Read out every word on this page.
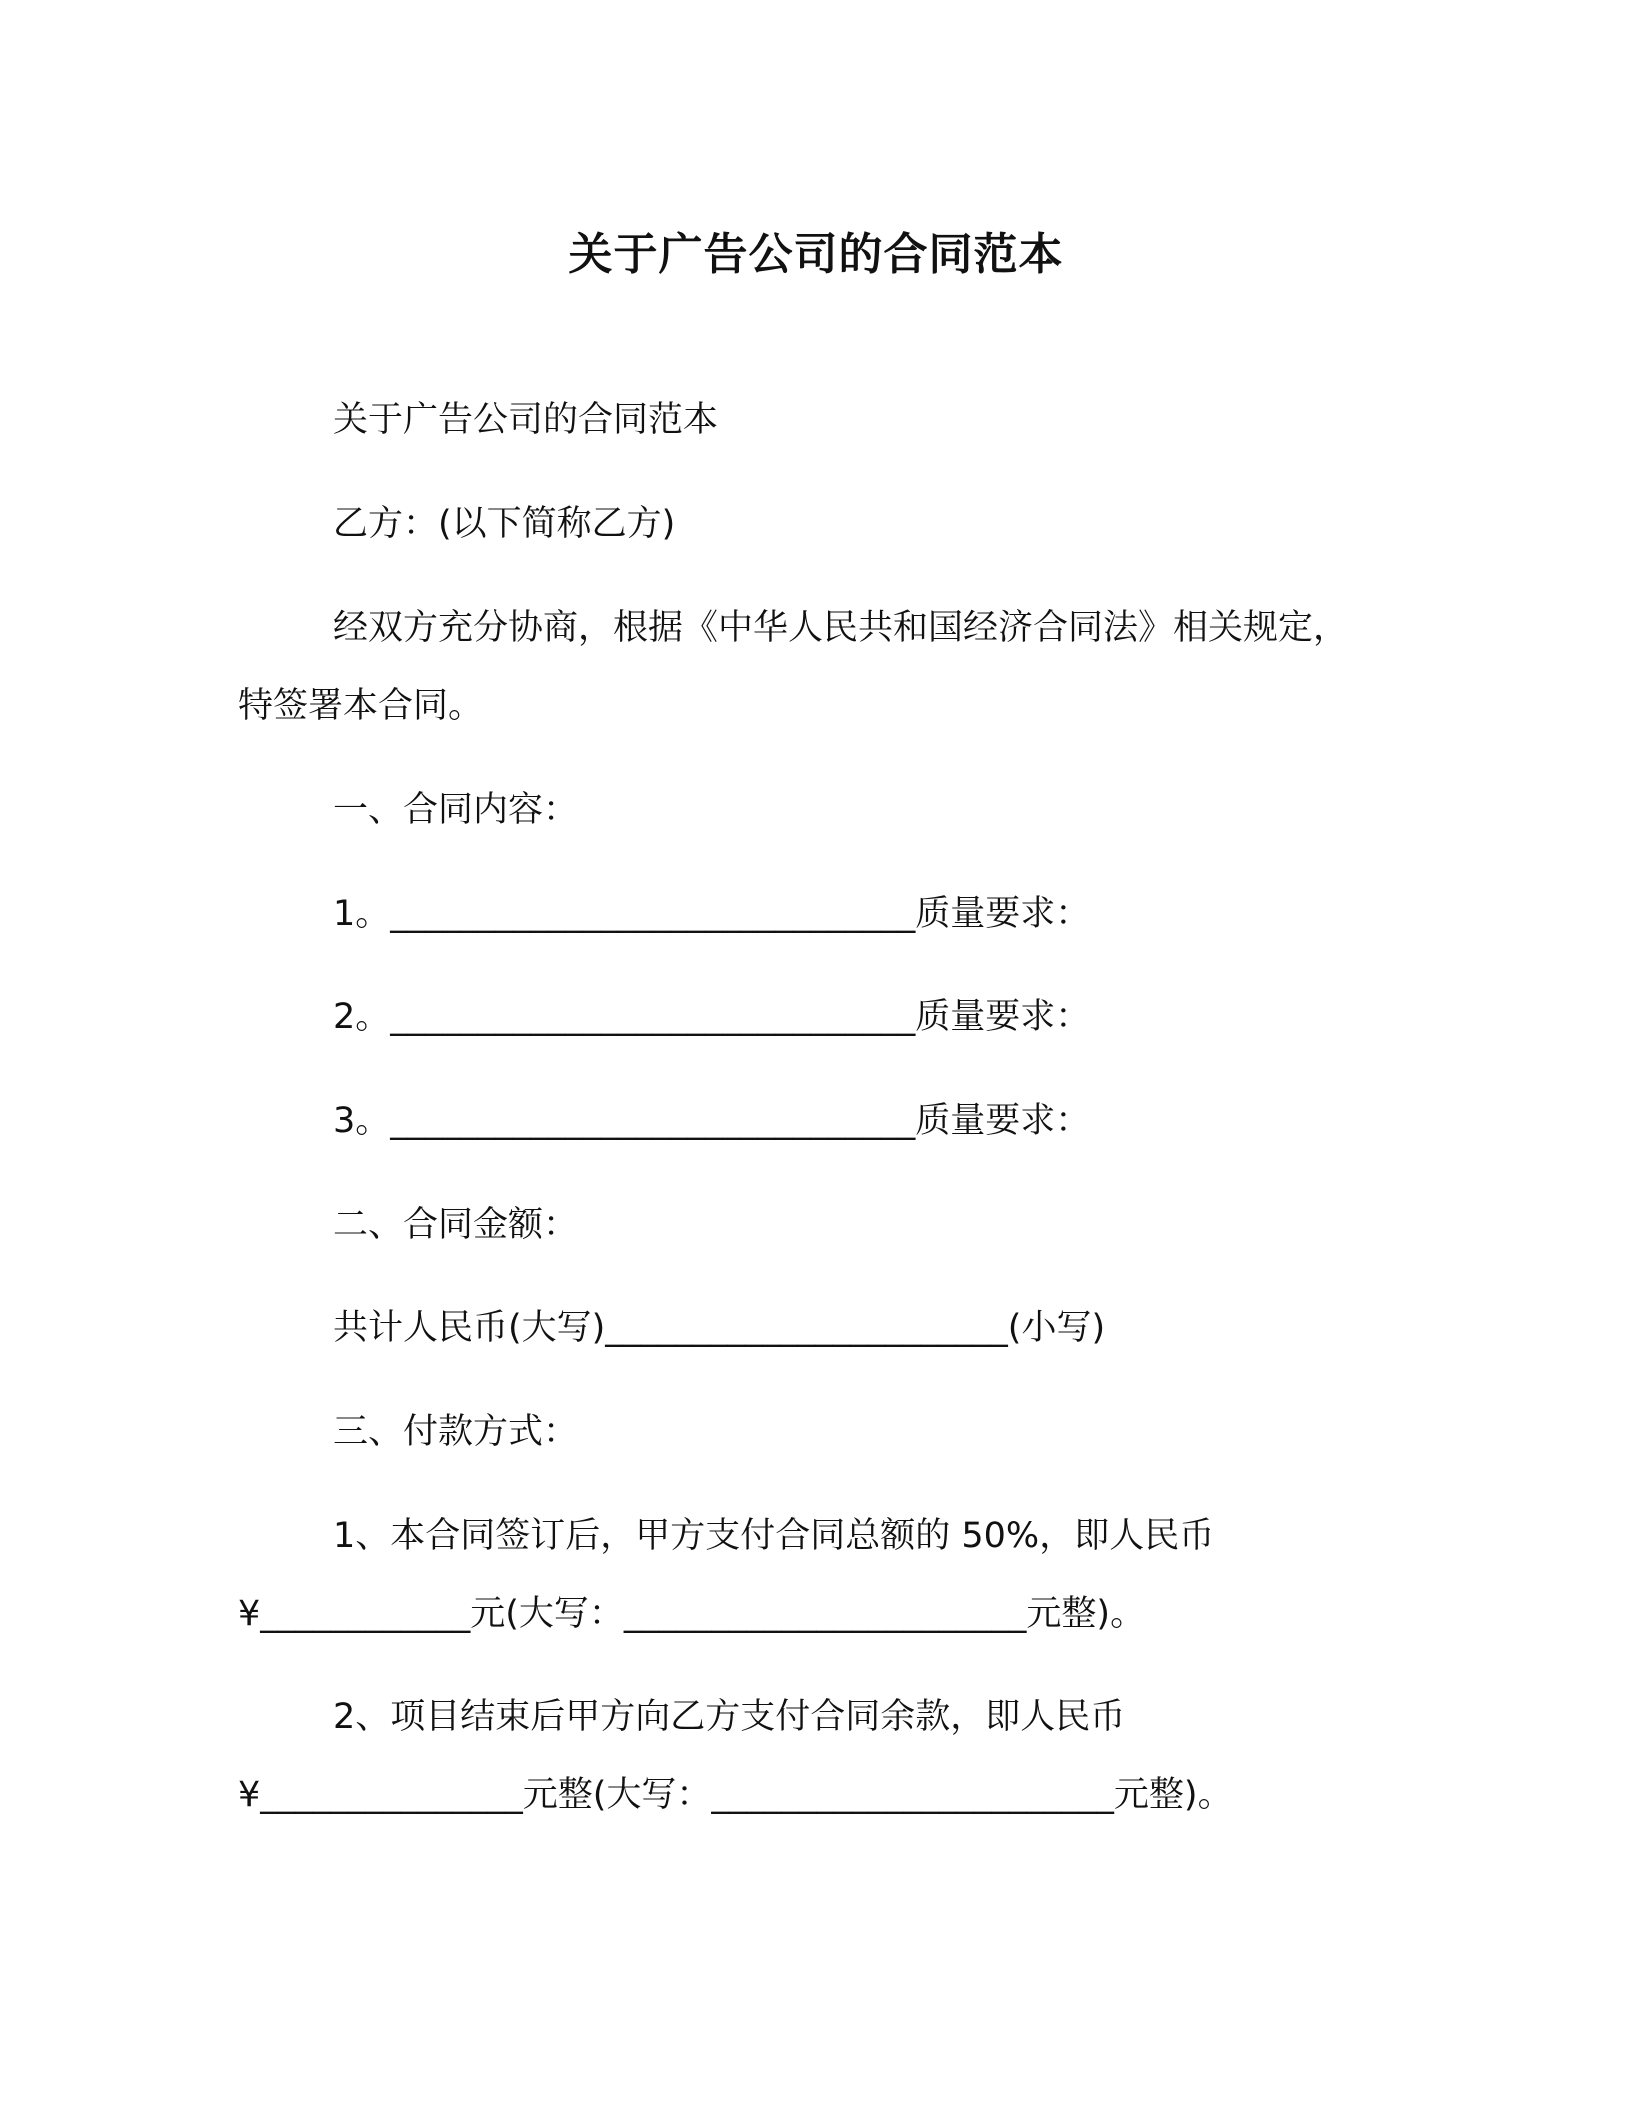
关于广告公司的合同范本
关于广告公司的合同范本
乙方：(以下简称乙方)
经双方充分协商，根据《中华人民共和国经济合同法》相关规定，
特签署本合同。
一、合同内容：
1。______________________________质量要求：
2。______________________________质量要求：
3。______________________________质量要求：
二、合同金额：
共计人民币(大写)_______________________(小写)
三、付款方式：
1、本合同签订后，甲方支付合同总额的 50%，即人民币
¥____________元(大写：_______________________元整)。
2、项目结束后甲方向乙方支付合同余款，即人民币
¥_______________元整(大写：_______________________元整)。
